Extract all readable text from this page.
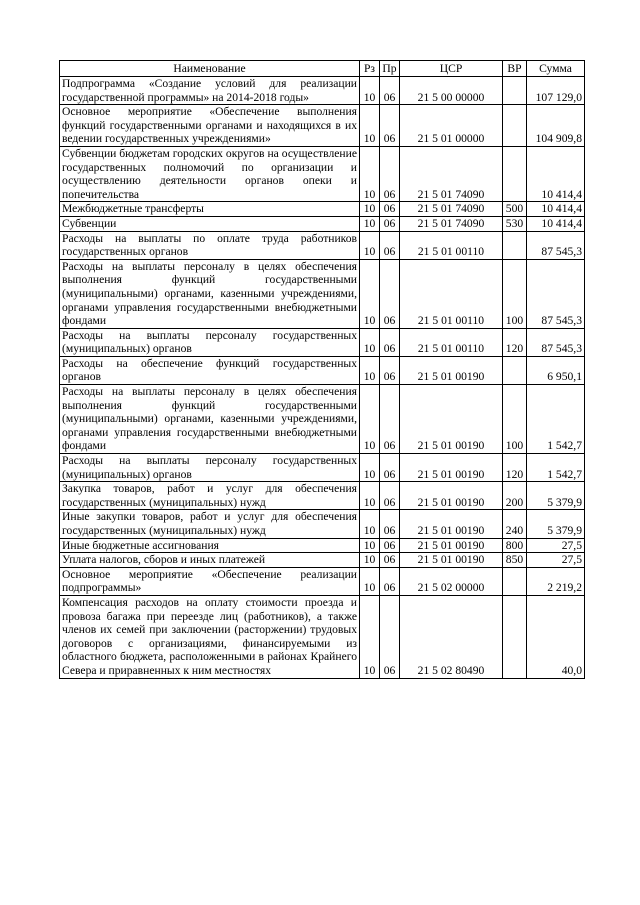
Наименование	Рз	Пр	ЦСР	ВР	Сумма
Подпрограмма «Создание условий для реализации государственной программы» на 2014-2018 годы»	10	06	21 5 00 00000		107 129,0
Основное мероприятие «Обеспечение выполнения функций государственными органами и находящихся в их ведении государственных учреждениями»	10	06	21 5 01 00000		104 909,8
Субвенции бюджетам городских округов на осуществление государственных полномочий по организации и осуществлению деятельности органов опеки и попечительства	10	06	21 5 01 74090		10 414,4
Межбюджетные трансферты	10	06	21 5 01 74090	500	10 414,4
Субвенции	10	06	21 5 01 74090	530	10 414,4
Расходы на выплаты по оплате труда работников государственных органов	10	06	21 5 01 00110		87 545,3
Расходы на выплаты персоналу в целях обеспечения выполнения функций государственными (муниципальными) органами, казенными учреждениями, органами управления государственными внебюджетными фондами	10	06	21 5 01 00110	100	87 545,3
Расходы на выплаты персоналу государственных (муниципальных) органов	10	06	21 5 01 00110	120	87 545,3
Расходы на обеспечение функций государственных органов	10	06	21 5 01 00190		6 950,1
Расходы на выплаты персоналу в целях обеспечения выполнения функций государственными (муниципальными) органами, казенными учреждениями, органами управления государственными внебюджетными фондами	10	06	21 5 01 00190	100	1 542,7
Расходы на выплаты персоналу государственных (муниципальных) органов	10	06	21 5 01 00190	120	1 542,7
Закупка товаров, работ и услуг для обеспечения государственных (муниципальных) нужд	10	06	21 5 01 00190	200	5 379,9
Иные закупки товаров, работ и услуг для обеспечения государственных (муниципальных) нужд	10	06	21 5 01 00190	240	5 379,9
Иные бюджетные ассигнования	10	06	21 5 01 00190	800	27,5
Уплата налогов, сборов и иных платежей	10	06	21 5 01 00190	850	27,5
Основное мероприятие «Обеспечение реализации подпрограммы»	10	06	21 5 02 00000		2 219,2
Компенсация расходов на оплату стоимости проезда и провоза багажа при переезде лиц (работников), а также членов их семей при заключении (расторжении) трудовых договоров с организациями, финансируемыми из областного бюджета, расположенными в районах Крайнего Севера и приравненных к ним местностях	10	06	21 5 02 80490		40,0
